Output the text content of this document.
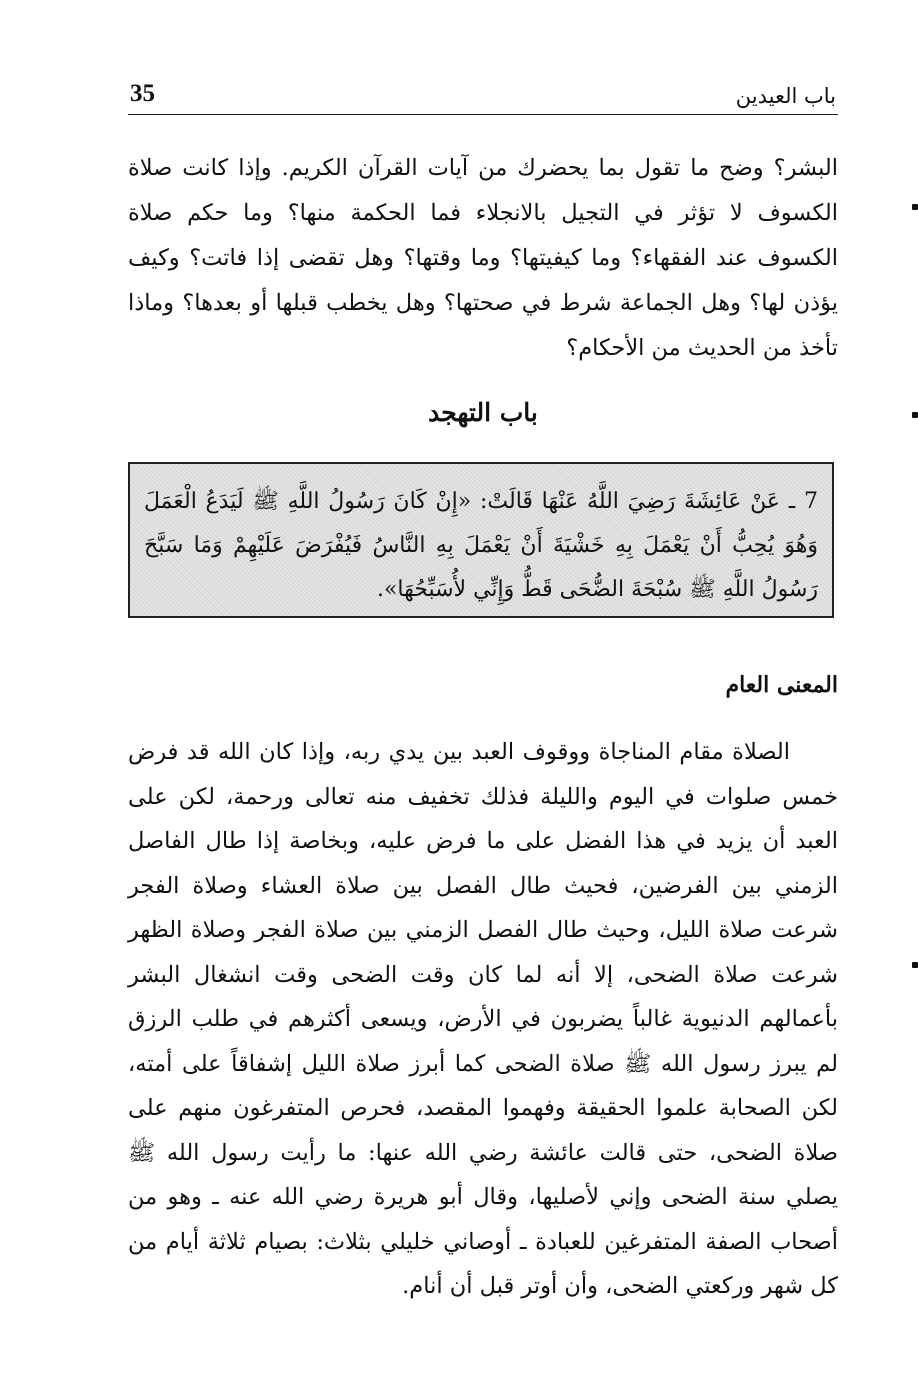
35	باب العيدين

البشر؟ وضح ما تقول بما يحضرك من آيات القرآن الكريم. وإذا كانت صلاة الكسوف لا تؤثر في التجيل بالانجلاء فما الحكمة منها؟ وما حكم صلاة الكسوف عند الفقهاء؟ وما كيفيتها؟ وما وقتها؟ وهل تقضى إذا فاتت؟ وكيف يؤذن لها؟ وهل الجماعة شرط في صحتها؟ وهل يخطب قبلها أو بعدها؟ وماذا تأخذ من الحديث من الأحكام؟

باب التهجد

7 ـ عَنْ عَائِشَةَ رَضِيَ اللَّهُ عَنْهَا قَالَتْ: «إِنْ كَانَ رَسُولُ اللَّهِ ﷺ لَيَدَعُ الْعَمَلَ وَهُوَ يُحِبُّ أَنْ يَعْمَلَ بِهِ خَشْيَةَ أَنْ يَعْمَلَ بِهِ النَّاسُ فَيُفْرَضَ عَلَيْهِمْ وَمَا سَبَّحَ رَسُولُ اللَّهِ ﷺ سُبْحَةَ الضُّحَى قَطُّ وَإِنِّي لأُسَبِّحُهَا».

المعنى العام

الصلاة مقام المناجاة ووقوف العبد بين يدي ربه، وإذا كان الله قد فرض خمس صلوات في اليوم والليلة فذلك تخفيف منه تعالى ورحمة، لكن على العبد أن يزيد في هذا الفضل على ما فرض عليه، وبخاصة إذا طال الفاصل الزمني بين الفرضين، فحيث طال الفصل بين صلاة العشاء وصلاة الفجر شرعت صلاة الليل، وحيث طال الفصل الزمني بين صلاة الفجر وصلاة الظهر شرعت صلاة الضحى، إلا أنه لما كان وقت الضحى وقت انشغال البشر بأعمالهم الدنيوية غالباً يضربون في الأرض، ويسعى أكثرهم في طلب الرزق لم يبرز رسول الله ﷺ صلاة الضحى كما أبرز صلاة الليل إشفاقاً على أمته، لكن الصحابة علموا الحقيقة وفهموا المقصد، فحرص المتفرغون منهم على صلاة الضحى، حتى قالت عائشة رضي الله عنها: ما رأيت رسول الله ﷺ يصلي سنة الضحى وإني لأصليها، وقال أبو هريرة رضي الله عنه ـ وهو من أصحاب الصفة المتفرغين للعبادة ـ أوصاني خليلي بثلاث: بصيام ثلاثة أيام من كل شهر وركعتي الضحى، وأن أوتر قبل أن أنام.
